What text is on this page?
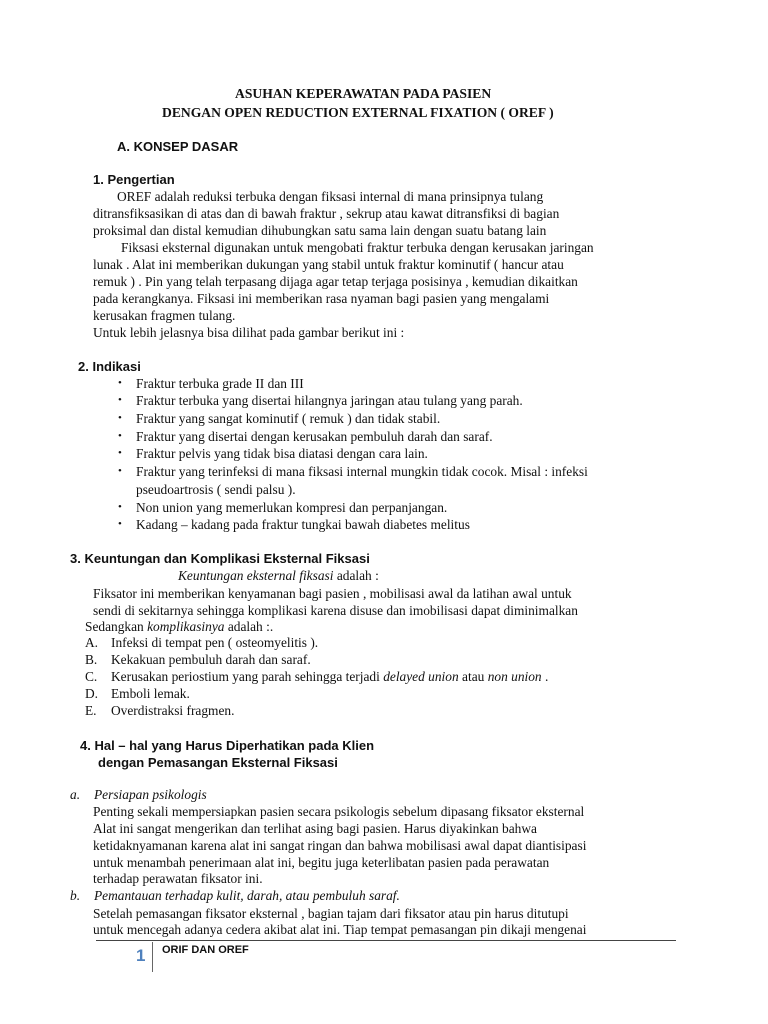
ASUHAN KEPERAWATAN PADA PASIEN
DENGAN OPEN REDUCTION EXTERNAL FIXATION ( OREF )
A. KONSEP DASAR
1. Pengertian
OREF adalah reduksi terbuka dengan fiksasi internal di mana prinsipnya tulang
ditransfiksasikan di atas dan di bawah fraktur , sekrup atau kawat ditransfiksi di bagian
proksimal dan distal kemudian dihubungkan satu sama lain dengan suatu batang lain
Fiksasi eksternal digunakan untuk mengobati fraktur terbuka dengan kerusakan jaringan
lunak . Alat ini memberikan dukungan yang stabil untuk fraktur kominutif ( hancur atau
remuk ) . Pin yang telah terpasang dijaga agar tetap terjaga posisinya , kemudian dikaitkan
pada kerangkanya. Fiksasi ini memberikan rasa nyaman bagi pasien yang mengalami
kerusakan fragmen tulang.
Untuk lebih jelasnya bisa dilihat pada gambar berikut ini :
2. Indikasi
• Fraktur terbuka grade II dan III
• Fraktur terbuka yang disertai hilangnya jaringan atau tulang yang parah.
• Fraktur yang sangat kominutif ( remuk ) dan tidak stabil.
• Fraktur yang disertai dengan kerusakan pembuluh darah dan saraf.
• Fraktur pelvis yang tidak bisa diatasi dengan cara lain.
• Fraktur yang terinfeksi di mana fiksasi internal mungkin tidak cocok. Misal : infeksi
pseudoartrosis ( sendi palsu ).
• Non union yang memerlukan kompresi dan perpanjangan.
• Kadang – kadang pada fraktur tungkai bawah diabetes melitus
3. Keuntungan dan Komplikasi Eksternal Fiksasi
Keuntungan eksternal fiksasi adalah :
Fiksator ini memberikan kenyamanan bagi pasien , mobilisasi awal da latihan awal untuk
sendi di sekitarnya sehingga komplikasi karena disuse dan imobilisasi dapat diminimalkan
Sedangkan komplikasinya adalah :.
A. Infeksi di tempat pen ( osteomyelitis ).
B. Kekakuan pembuluh darah dan saraf.
C. Kerusakan periostium yang parah sehingga terjadi delayed union atau non union .
D. Emboli lemak.
E. Overdistraksi fragmen.
4. Hal – hal yang Harus Diperhatikan pada Klien
dengan Pemasangan Eksternal Fiksasi
a. Persiapan psikologis
Penting sekali mempersiapkan pasien secara psikologis sebelum dipasang fiksator eksternal
Alat ini sangat mengerikan dan terlihat asing bagi pasien. Harus diyakinkan bahwa
ketidaknyamanan karena alat ini sangat ringan dan bahwa mobilisasi awal dapat diantisipasi
untuk menambah penerimaan alat ini, begitu juga keterlibatan pasien pada perawatan
terhadap perawatan fiksator ini.
b. Pemantauan terhadap kulit, darah, atau pembuluh saraf.
Setelah pemasangan fiksator eksternal , bagian tajam dari fiksator atau pin harus ditutupi
untuk mencegah adanya cedera akibat alat ini. Tiap tempat pemasangan pin dikaji mengenai
1 ORIF DAN OREF
